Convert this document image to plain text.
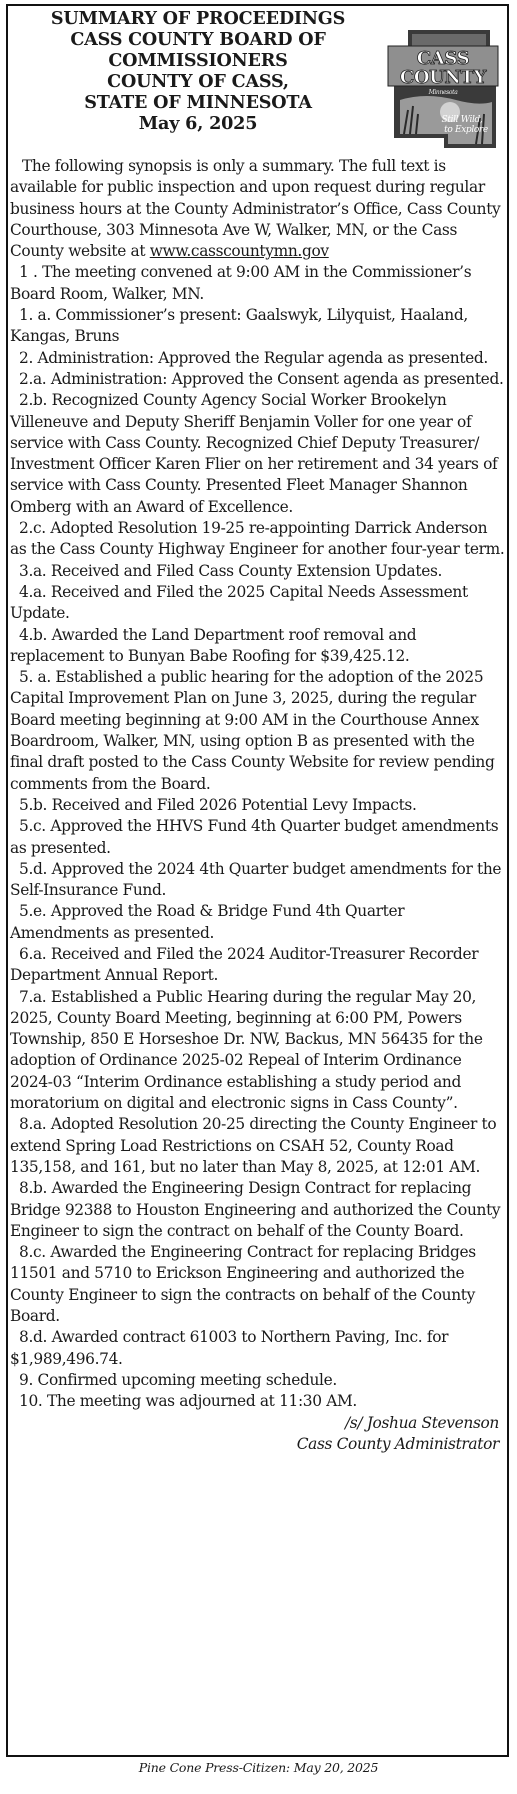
SUMMARY OF PROCEEDINGS
CASS COUNTY BOARD OF
COMMISSIONERS
COUNTY OF CASS,
STATE OF MINNESOTA
May 6, 2025
CASS
COUNTY
Minnesota
Still Wild,
to Explore

The following synopsis is only a summary. The full text is available for public inspection and upon request during regular business hours at the County Administrator’s Office, Cass County Courthouse, 303 Minnesota Ave W, Walker, MN, or the Cass County website at www.casscountymn.gov

1 . The meeting convened at 9:00 AM in the Commissioner’s Board Room, Walker, MN.

1. a. Commissioner’s present: Gaalswyk, Lilyquist, Haaland, Kangas, Bruns

2. Administration: Approved the Regular agenda as presented.

2.a. Administration: Approved the Consent agenda as presented.

2.b. Recognized County Agency Social Worker Brookelyn Villeneuve and Deputy Sheriff Benjamin Voller for one year of service with Cass County. Recognized Chief Deputy Treasurer/ Investment Officer Karen Flier on her retirement and 34 years of service with Cass County. Presented Fleet Manager Shannon Omberg with an Award of Excellence.

2.c. Adopted Resolution 19-25 re-appointing Darrick Anderson as the Cass County Highway Engineer for another four-year term.

3.a. Received and Filed Cass County Extension Updates.

4.a. Received and Filed the 2025 Capital Needs Assessment Update.

4.b. Awarded the Land Department roof removal and replacement to Bunyan Babe Roofing for $39,425.12.

5. a. Established a public hearing for the adoption of the 2025 Capital Improvement Plan on June 3, 2025, during the regular Board meeting beginning at 9:00 AM in the Courthouse Annex Boardroom, Walker, MN, using option B as presented with the final draft posted to the Cass County Website for review pending comments from the Board.

5.b. Received and Filed 2026 Potential Levy Impacts.

5.c. Approved the HHVS Fund 4th Quarter budget amendments as presented.

5.d. Approved the 2024 4th Quarter budget amendments for the Self-Insurance Fund.

5.e. Approved the Road & Bridge Fund 4th Quarter Amendments as presented.

6.a. Received and Filed the 2024 Auditor-Treasurer Recorder Department Annual Report.

7.a. Established a Public Hearing during the regular May 20, 2025, County Board Meeting, beginning at 6:00 PM, Powers Township, 850 E Horseshoe Dr. NW, Backus, MN 56435 for the adoption of Ordinance 2025-02 Repeal of Interim Ordinance 2024-03 “Interim Ordinance establishing a study period and moratorium on digital and electronic signs in Cass County”.

8.a. Adopted Resolution 20-25 directing the County Engineer to extend Spring Load Restrictions on CSAH 52, County Road 135,158, and 161, but no later than May 8, 2025, at 12:01 AM.

8.b. Awarded the Engineering Design Contract for replacing Bridge 92388 to Houston Engineering and authorized the County Engineer to sign the contract on behalf of the County Board.

8.c. Awarded the Engineering Contract for replacing Bridges 11501 and 5710 to Erickson Engineering and authorized the County Engineer to sign the contracts on behalf of the County Board.

8.d. Awarded contract 61003 to Northern Paving, Inc. for $1,989,496.74.

9. Confirmed upcoming meeting schedule.

10. The meeting was adjourned at 11:30 AM.

/s/ Joshua Stevenson

Cass County Administrator

Pine Cone Press-Citizen: May 20, 2025
